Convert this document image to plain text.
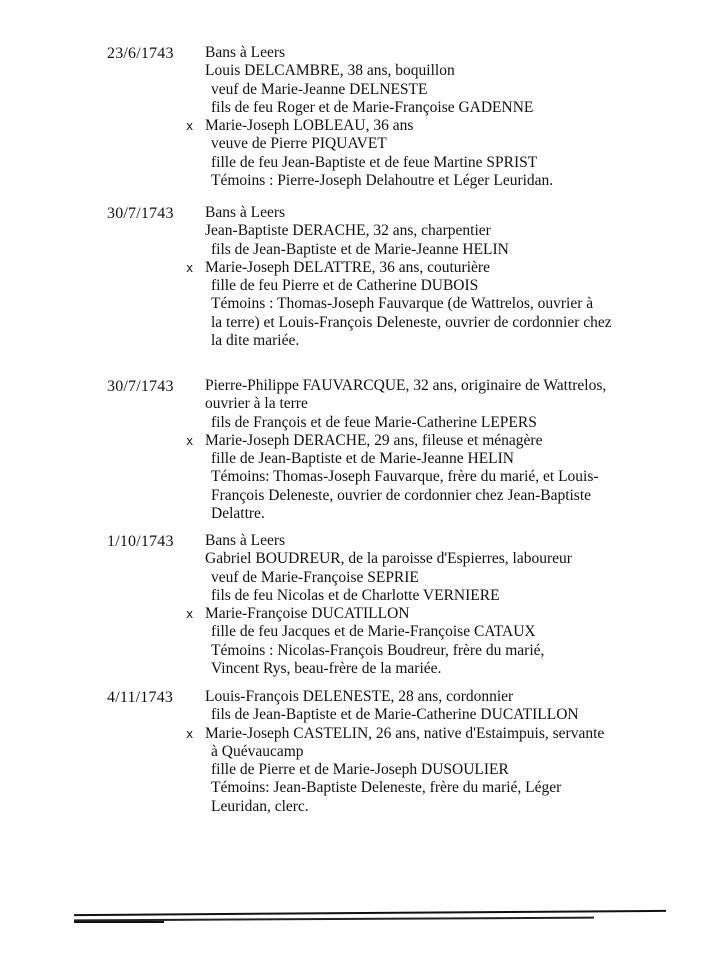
23/6/1743	Bans à Leers
Louis DELCAMBRE, 38 ans, boquillon
veuf de Marie-Jeanne DELNESTE
fils de feu Roger et de Marie-Françoise GADENNE
x Marie-Joseph LOBLEAU, 36 ans
veuve de Pierre PIQUAVET
fille de feu Jean-Baptiste et de feue Martine SPRIST
Témoins : Pierre-Joseph Delahoutre et Léger Leuridan.
30/7/1743	Bans à Leers
Jean-Baptiste DERACHE, 32 ans, charpentier
fils de Jean-Baptiste et de Marie-Jeanne HELIN
x Marie-Joseph DELATTRE, 36 ans, couturière
fille de feu Pierre et de Catherine DUBOIS
Témoins : Thomas-Joseph Fauvarque (de Wattrelos, ouvrier à
la terre) et Louis-François Deleneste, ouvrier de cordonnier chez
la dite mariée.
30/7/1743	Pierre-Philippe FAUVARCQUE, 32 ans, originaire de Wattrelos,
ouvrier à la terre
fils de François et de feue Marie-Catherine LEPERS
x Marie-Joseph DERACHE, 29 ans, fileuse et ménagère
fille de Jean-Baptiste et de Marie-Jeanne HELIN
Témoins: Thomas-Joseph Fauvarque, frère du marié, et Louis-
François Deleneste, ouvrier de cordonnier chez Jean-Baptiste
Delattre.
1/10/1743	Bans à Leers
Gabriel BOUDREUR, de la paroisse d'Espierres, laboureur
veuf de Marie-Françoise SEPRIE
fils de feu Nicolas et de Charlotte VERNIERE
x Marie-Françoise DUCATILLON
fille de feu Jacques et de Marie-Françoise CATAUX
Témoins : Nicolas-François Boudreur, frère du marié,
Vincent Rys, beau-frère de la mariée.
4/11/1743	Louis-François DELENESTE, 28 ans, cordonnier
fils de Jean-Baptiste et de Marie-Catherine DUCATILLON
x Marie-Joseph CASTELIN, 26 ans, native d'Estaimpuis, servante
à Quévaucamp
fille de Pierre et de Marie-Joseph DUSOULIER
Témoins: Jean-Baptiste Deleneste, frère du marié, Léger
Leuridan, clerc.
